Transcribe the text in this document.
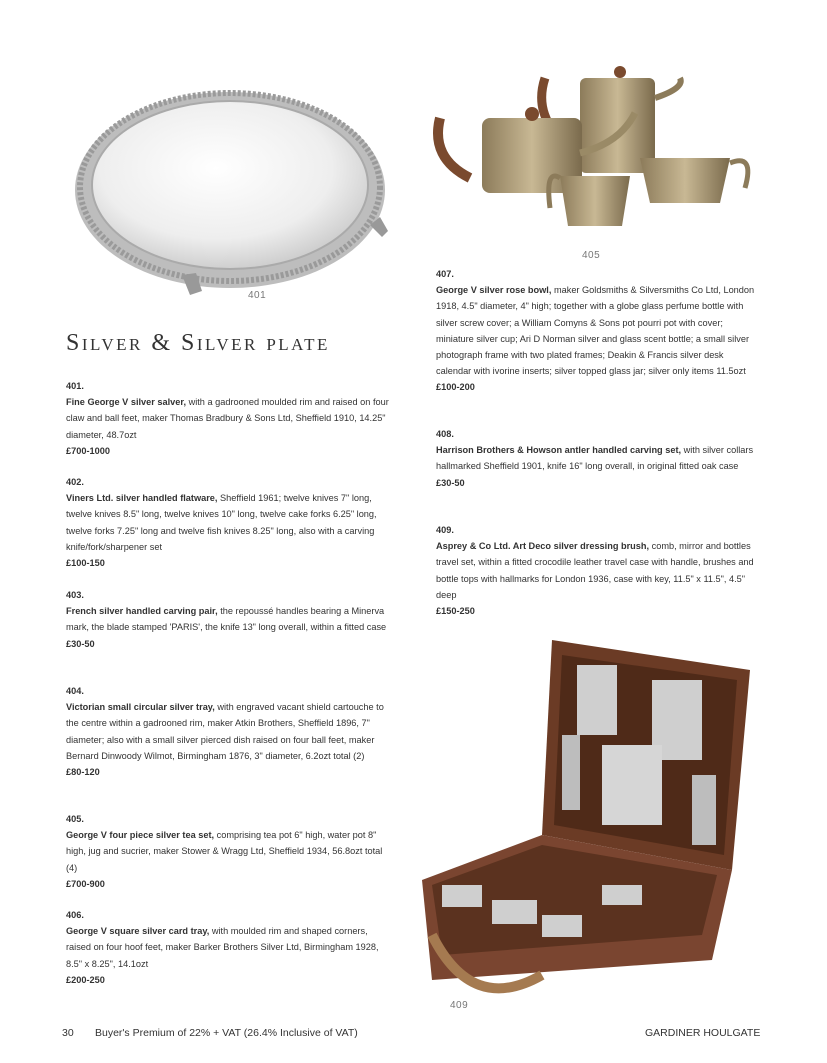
401
405
409
Silver & Silver plate
401.
Fine George V silver salver, with a gadrooned moulded rim and raised on four claw and ball feet, maker Thomas Bradbury & Sons Ltd, Sheffield 1910, 14.25" diameter, 48.7ozt
£700-1000
402.
Viners Ltd. silver handled flatware, Sheffield 1961; twelve knives 7" long, twelve knives 8.5" long, twelve knives 10" long, twelve cake forks 6.25" long, twelve forks 7.25" long and twelve fish knives 8.25" long, also with a carving knife/fork/sharpener set
£100-150
403.
French silver handled carving pair, the repoussé handles bearing a Minerva mark, the blade stamped 'PARIS', the knife 13" long overall, within a fitted case
£30-50
404.
Victorian small circular silver tray, with engraved vacant shield cartouche to the centre within a gadrooned rim, maker Atkin Brothers, Sheffield 1896, 7" diameter; also with a small silver pierced dish raised on four ball feet, maker Bernard Dinwoody Wilmot, Birmingham 1876, 3" diameter, 6.2ozt total (2)
£80-120
405.
George V four piece silver tea set, comprising tea pot 6" high, water pot 8" high, jug and sucrier, maker Stower & Wragg Ltd, Sheffield 1934, 56.8ozt total (4)
£700-900
406.
George V square silver card tray, with moulded rim and shaped corners, raised on four hoof feet, maker Barker Brothers Silver Ltd, Birmingham 1928, 8.5" x 8.25", 14.1ozt
£200-250
407.
George V silver rose bowl, maker Goldsmiths & Silversmiths Co Ltd, London 1918, 4.5" diameter, 4" high; together with a globe glass perfume bottle with silver screw cover; a William Comyns & Sons pot pourri pot with cover; miniature silver cup; Ari D Norman silver and glass scent bottle; a small silver photograph frame with two plated frames; Deakin & Francis silver desk calendar with ivorine inserts; silver topped glass jar; silver only items 11.5ozt
£100-200
408.
Harrison Brothers & Howson antler handled carving set, with silver collars hallmarked Sheffield 1901, knife 16" long overall, in original fitted oak case
£30-50
409.
Asprey & Co Ltd. Art Deco silver dressing brush, comb, mirror and bottles travel set, within a fitted crocodile leather travel case with handle, brushes and bottle tops with hallmarks for London 1936, case with key, 11.5" x 11.5", 4.5" deep
£150-250
30 Buyer's Premium of 22% + VAT (26.4% Inclusive of VAT)	GARDINER HOULGATE
